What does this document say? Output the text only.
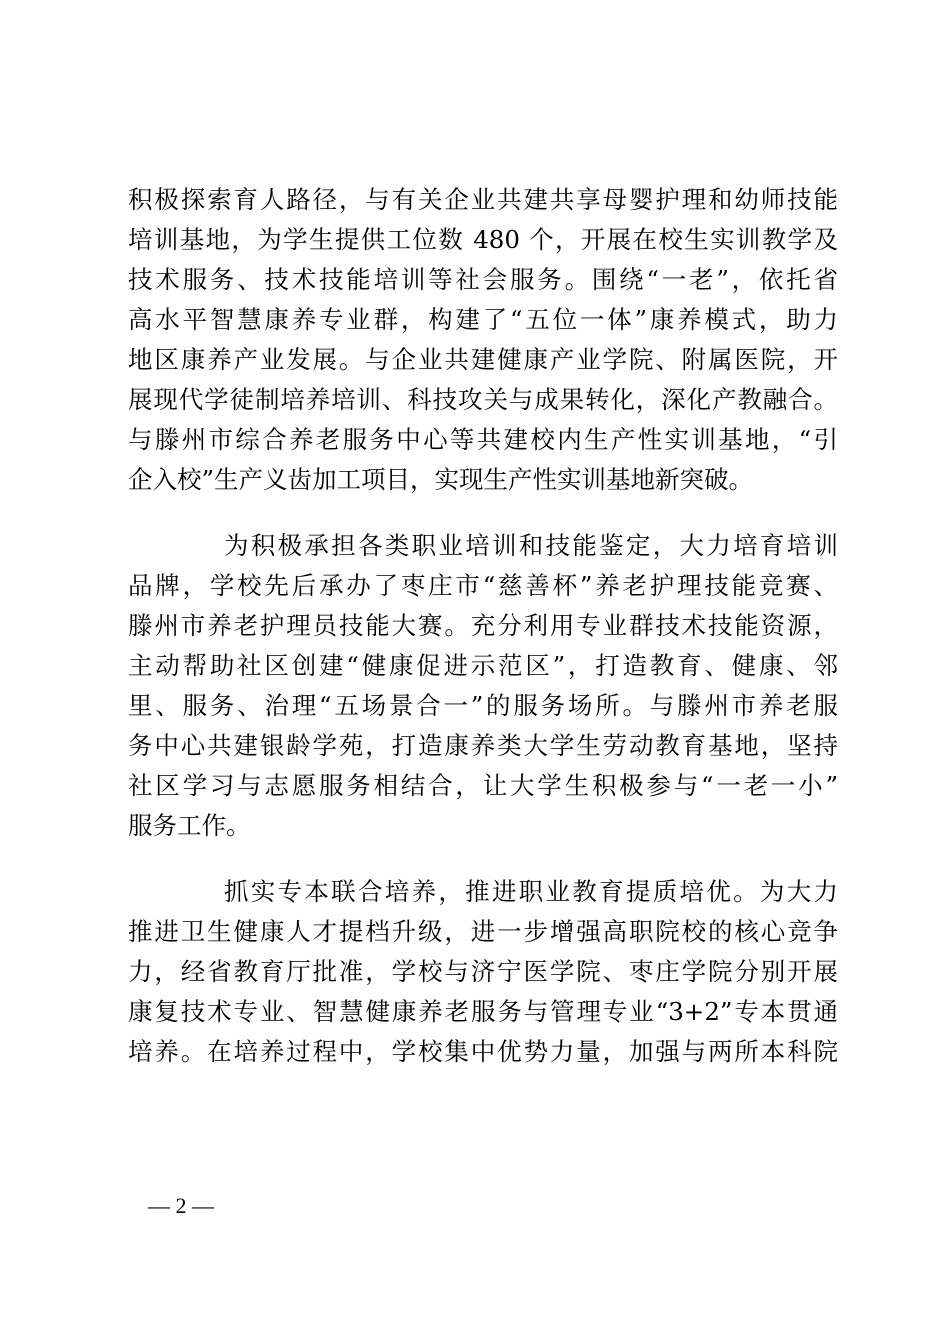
积极探索育人路径，与有关企业共建共享母婴护理和幼师技能
培训基地，为学生提供工位数 480 个，开展在校生实训教学及
技术服务、技术技能培训等社会服务。围绕“一老”，依托省
高水平智慧康养专业群，构建了“五位一体”康养模式，助力
地区康养产业发展。与企业共建健康产业学院、附属医院，开
展现代学徒制培养培训、科技攻关与成果转化，深化产教融合。
与滕州市综合养老服务中心等共建校内生产性实训基地，“引
企入校”生产义齿加工项目，实现生产性实训基地新突破。
为积极承担各类职业培训和技能鉴定，大力培育培训
品牌，学校先后承办了枣庄市“慈善杯”养老护理技能竞赛、
滕州市养老护理员技能大赛。充分利用专业群技术技能资源，
主动帮助社区创建“健康促进示范区”，打造教育、健康、邻
里、服务、治理“五场景合一”的服务场所。与滕州市养老服
务中心共建银龄学苑，打造康养类大学生劳动教育基地，坚持
社区学习与志愿服务相结合，让大学生积极参与“一老一小”
服务工作。
抓实专本联合培养，推进职业教育提质培优。为大力
推进卫生健康人才提档升级，进一步增强高职院校的核心竞争
力，经省教育厅批准，学校与济宁医学院、枣庄学院分别开展
康复技术专业、智慧健康养老服务与管理专业“3+2”专本贯通
培养。在培养过程中，学校集中优势力量，加强与两所本科院
— 2 —
